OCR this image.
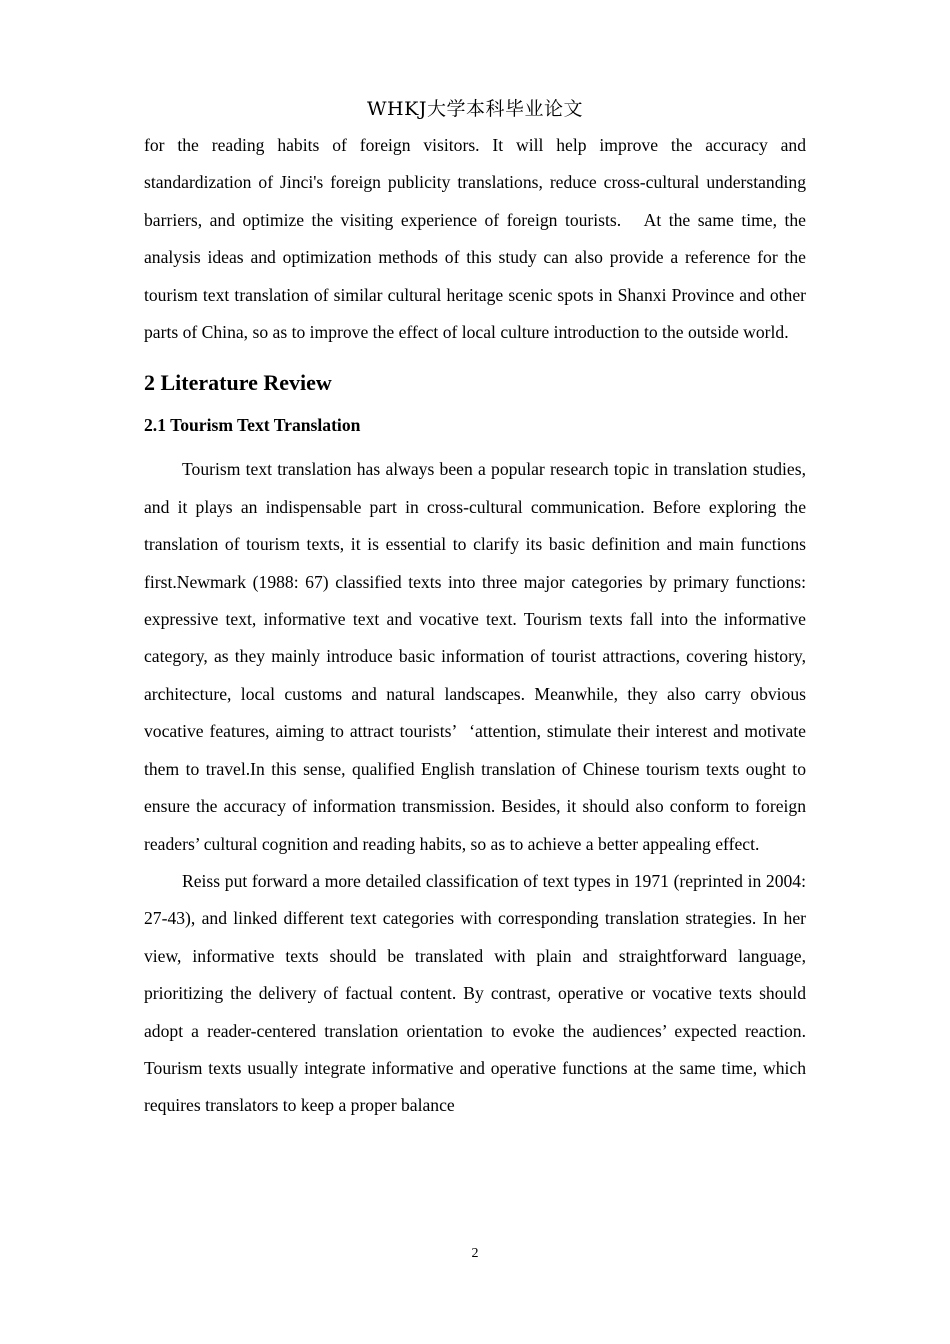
WHKJ大学本科毕业论文

for the reading habits of foreign visitors. It will help improve the accuracy and standardization of Jinci's foreign publicity translations, reduce cross-cultural understanding barriers, and optimize the visiting experience of foreign tourists.   At the same time, the analysis ideas and optimization methods of this study can also provide a reference for the tourism text translation of similar cultural heritage scenic spots in Shanxi Province and other parts of China, so as to improve the effect of local culture introduction to the outside world.

2 Literature Review
2.1 Tourism Text Translation

Tourism text translation has always been a popular research topic in translation studies, and it plays an indispensable part in cross-cultural communication. Before exploring the translation of tourism texts, it is essential to clarify its basic definition and main functions first.Newmark (1988: 67) classified texts into three major categories by primary functions: expressive text, informative text and vocative text. Tourism texts fall into the informative category, as they mainly introduce basic information of tourist attractions, covering history, architecture, local customs and natural landscapes. Meanwhile, they also carry obvious vocative features, aiming to attract tourists’  ‘attention, stimulate their interest and motivate them to travel.In this sense, qualified English translation of Chinese tourism texts ought to ensure the accuracy of information transmission. Besides, it should also conform to foreign readers’ cultural cognition and reading habits, so as to achieve a better appealing effect.

Reiss put forward a more detailed classification of text types in 1971 (reprinted in 2004: 27-43), and linked different text categories with corresponding translation strategies. In her view, informative texts should be translated with plain and straightforward language, prioritizing the delivery of factual content. By contrast, operative or vocative texts should adopt a reader-centered translation orientation to evoke the audiences’ expected reaction. Tourism texts usually integrate informative and operative functions at the same time, which requires translators to keep a proper balance

2
